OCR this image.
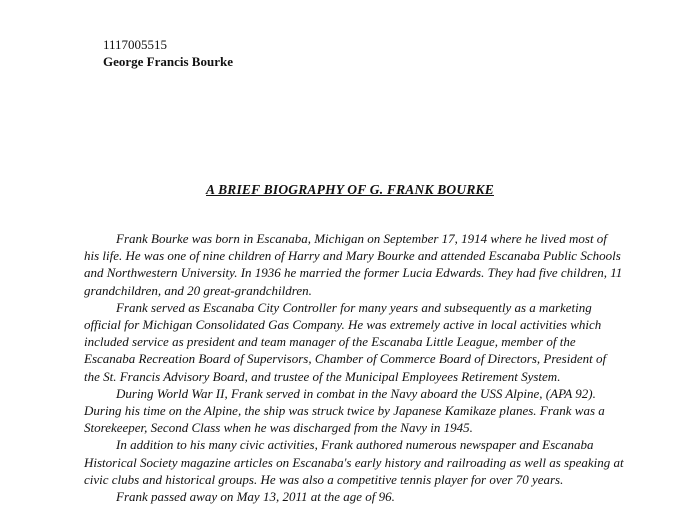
1117005515
George Francis Bourke
A BRIEF BIOGRAPHY OF G. FRANK BOURKE
Frank Bourke was born in Escanaba, Michigan on September 17, 1914 where he lived most of
his life. He was one of nine children of Harry and Mary Bourke and attended Escanaba Public Schools
and Northwestern University. In 1936 he married the former Lucia Edwards. They had five children, 11
grandchildren, and 20 great-grandchildren.
Frank served as Escanaba City Controller for many years and subsequently as a marketing
official for Michigan Consolidated Gas Company. He was extremely active in local activities which
included service as president and team manager of the Escanaba Little League, member of the
Escanaba Recreation Board of Supervisors, Chamber of Commerce Board of Directors, President of
the St. Francis Advisory Board, and trustee of the Municipal Employees Retirement System.
During World War II, Frank served in combat in the Navy aboard the USS Alpine, (APA 92).
During his time on the Alpine, the ship was struck twice by Japanese Kamikaze planes. Frank was a
Storekeeper, Second Class when he was discharged from the Navy in 1945.
In addition to his many civic activities, Frank authored numerous newspaper and Escanaba
Historical Society magazine articles on Escanaba's early history and railroading as well as speaking at
civic clubs and historical groups. He was also a competitive tennis player for over 70 years.
Frank passed away on May 13, 2011 at the age of 96.
